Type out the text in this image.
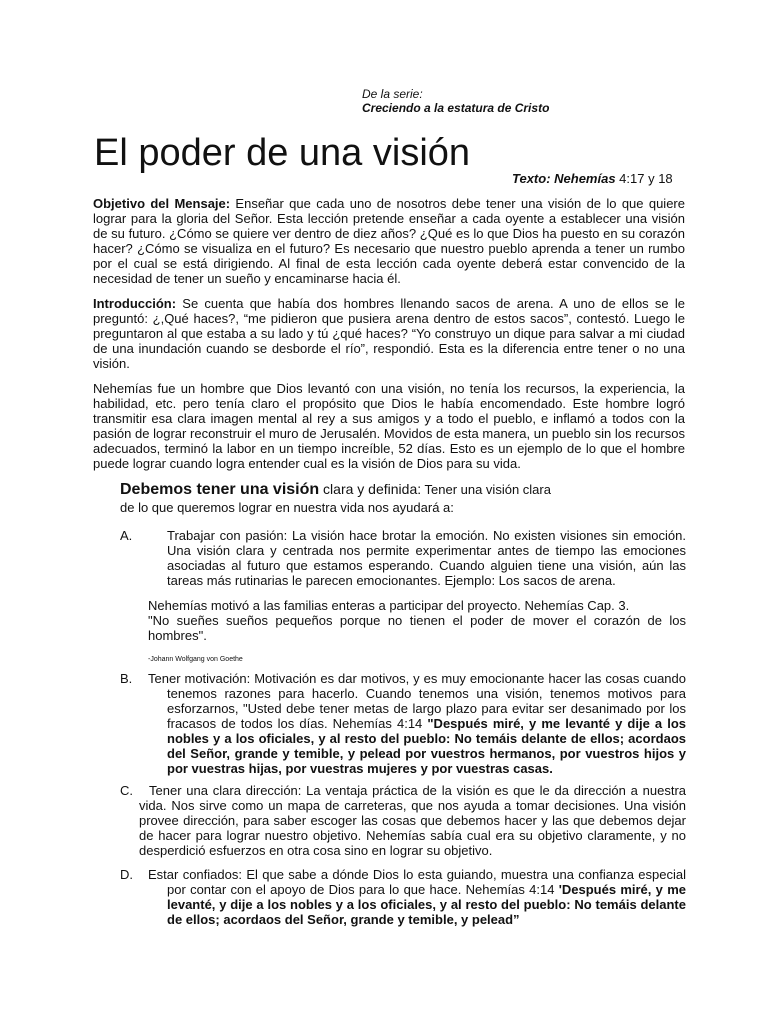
De la serie:
Creciendo a la estatura de Cristo
El poder de una visión
Texto: Nehemías 4:17 y 18

Objetivo del Mensaje: Enseñar que cada uno de nosotros debe tener una visión de lo que quiere lograr para la gloria del Señor. Esta lección pretende enseñar a cada oyente a establecer una visión de su futuro. ¿Cómo se quiere ver dentro de diez años? ¿Qué es lo que Dios ha puesto en su corazón hacer? ¿Cómo se visualiza en el futuro? Es necesario que nuestro pueblo aprenda a tener un rumbo por el cual se está dirigiendo. Al final de esta lección cada oyente deberá estar convencido de la necesidad de tener un sueño y encaminarse hacia él.

Introducción: Se cuenta que había dos hombres llenando sacos de arena. A uno de ellos se le preguntó: ¿,Qué haces?, “me pidieron que pusiera arena dentro de estos sacos”, contestó. Luego le preguntaron al que estaba a su lado y tú ¿qué haces? “Yo construyo un dique para salvar a mi ciudad de una inundación cuando se desborde el río”, respondió. Esta es la diferencia entre tener o no una visión.

Nehemías fue un hombre que Dios levantó con una visión, no tenía los recursos, la experiencia, la habilidad, etc. pero tenía claro el propósito que Dios le había encomendado. Este hombre logró transmitir esa clara imagen mental al rey a sus amigos y a todo el pueblo, e inflamó a todos con la pasión de lograr reconstruir el muro de Jerusalén. Movidos de esta manera, un pueblo sin los recursos adecuados, terminó la labor en un tiempo increíble, 52 días. Esto es un ejemplo de lo que el hombre puede lograr cuando logra entender cual es la visión de Dios para su vida.

Debemos tener una visión clara y definida: Tener una visión clara

de lo que queremos lograr en nuestra vida nos ayudará a:

A.	Trabajar con pasión: La visión hace brotar la emoción. No existen visiones sin emoción. Una visión clara y centrada nos permite experimentar antes de tiempo las emociones asociadas al futuro que estamos esperando. Cuando alguien tiene una visión, aún las tareas más rutinarias le parecen emocionantes. Ejemplo: Los sacos de arena.

Nehemías motivó a las familias enteras a participar del proyecto. Nehemías Cap. 3.
"No sueñes sueños pequeños porque no tienen el poder de mover el corazón de los hombres".

-Johann Wolfgang von Goethe

B.	Tener motivación: Motivación es dar motivos, y es muy emocionante hacer las cosas cuando tenemos razones para hacerlo. Cuando tenemos una visión, tenemos motivos para esforzarnos, "Usted debe tener metas de largo plazo para evitar ser desanimado por los fracasos de todos los días. Nehemías 4:14 "Después miré, y me levanté y dije a los nobles y a los oficiales, y al resto del pueblo: No temáis delante de ellos; acordaos del Señor, grande y temible, y pelead por vuestros hermanos, por vuestros hijos y por vuestras hijas, por vuestras mujeres y por vuestras casas.

C.	Tener una clara dirección: La ventaja práctica de la visión es que le da dirección a nuestra vida. Nos sirve como un mapa de carreteras, que nos ayuda a tomar decisiones. Una visión provee dirección, para saber escoger las cosas que debemos hacer y las que debemos dejar de hacer para lograr nuestro objetivo. Nehemías sabía cual era su objetivo claramente, y no desperdició esfuerzos en otra cosa sino en lograr su objetivo.

D.	Estar confiados: El que sabe a dónde Dios lo esta guiando, muestra una confianza especial por contar con el apoyo de Dios para lo que hace. Nehemías 4:14 'Después miré, y me levanté, y dije a los nobles y a los oficiales, y al resto del pueblo: No temáis delante de ellos; acordaos del Señor, grande y temible, y pelead”
